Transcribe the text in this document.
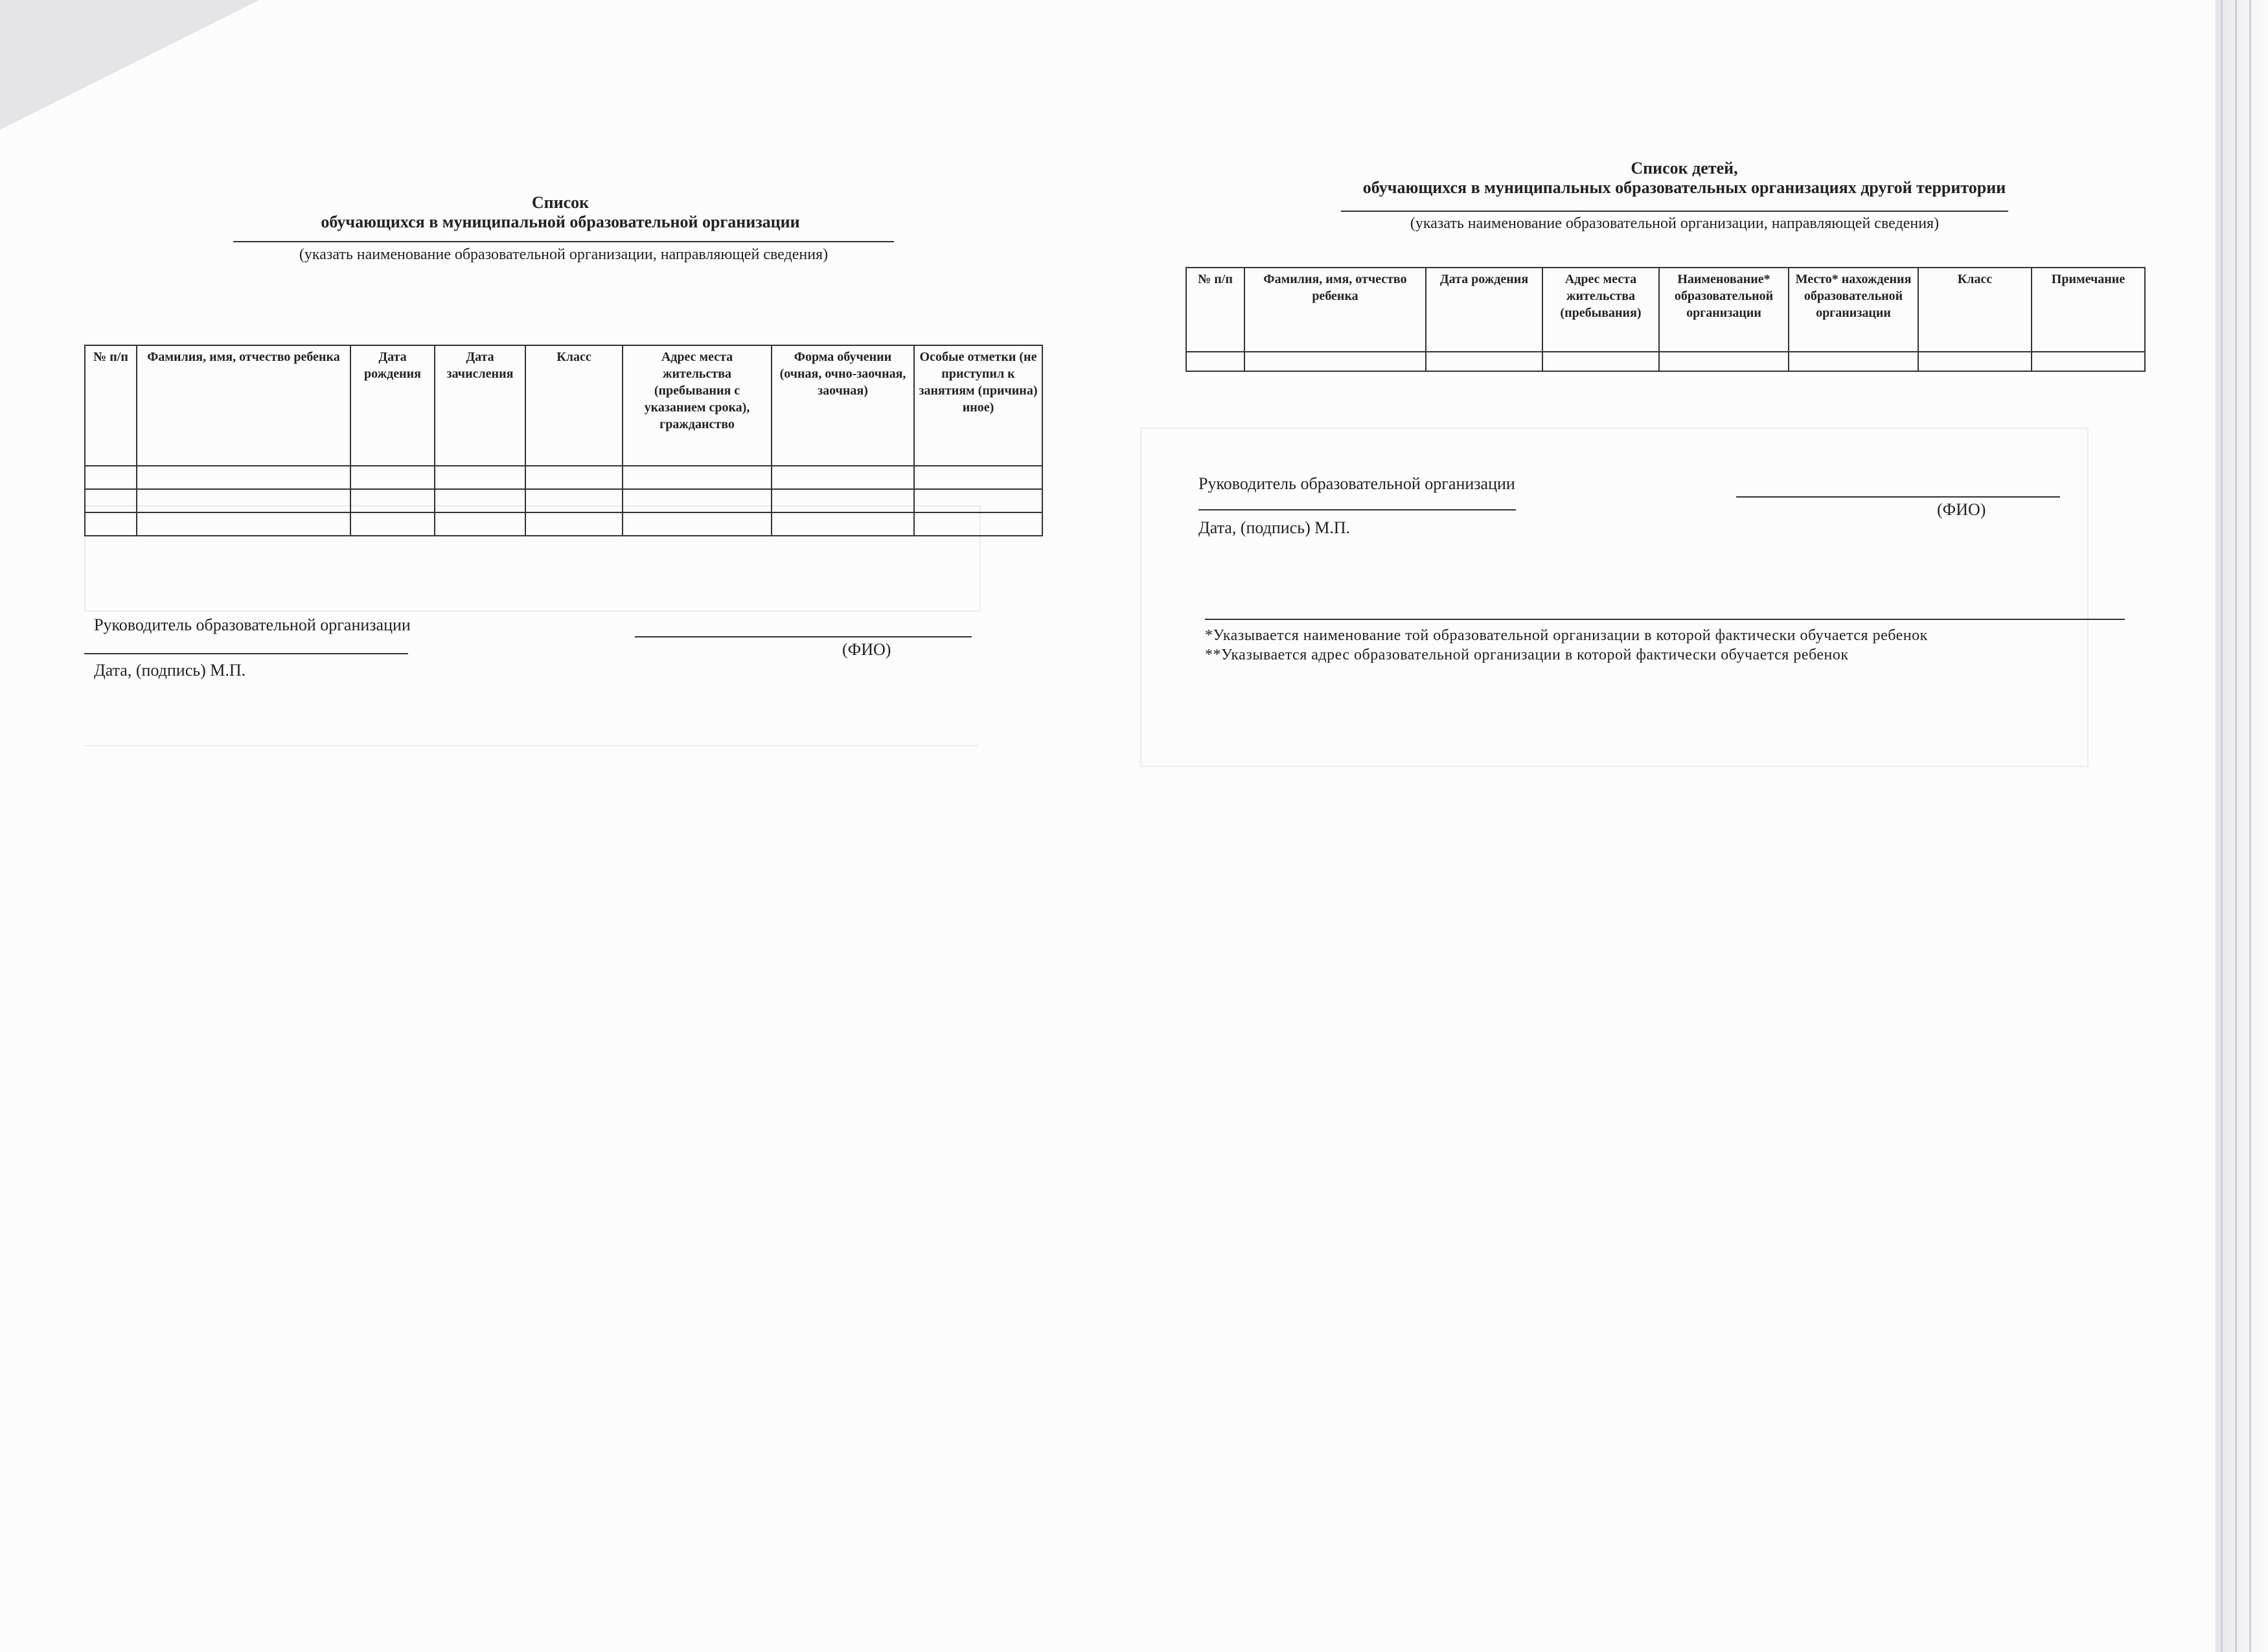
Список
обучающихся в муниципальной образовательной организации
(указать наименование образовательной организации, направляющей сведения)
№ п/п	Фамилия, имя, отчество ребенка	Дата рождения	Дата зачисления	Класс	Адрес места жительства (пребывания с указанием срока), гражданство	Форма обучении (очная, очно-заочная, заочная)	Особые отметки (не приступил к занятиям (причина) иное)

Руководитель образовательной организации
(ФИО)
Дата, (подпись) М.П.
Список детей,
обучающихся в муниципальных образовательных организациях другой территории
(указать наименование образовательной организации, направляющей сведения)
№ п/п	Фамилия, имя, отчество ребенка	Дата рождения	Адрес места жительства (пребывания)	Наименование* образовательной организации	Место* нахождения образовательной организации	Класс	Примечание

Руководитель образовательной организации
(ФИО)
Дата, (подпись) М.П.
*Указывается наименование той образовательной организации в которой фактически обучается ребенок
**Указывается адрес образовательной организации в которой фактически обучается ребенок
